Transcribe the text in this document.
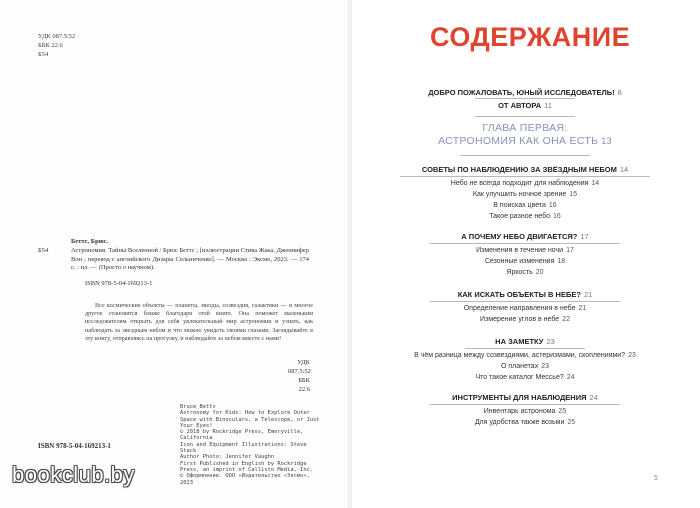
УДК 087.5:52
ББК 22.6
Б54
Беттс, Брюс.
Б54	Астрономия. Тайны Вселенной / Брюс Беттс ; [иллюстрации Стива Жака, Дженнифер Вон ; перевод с английского Дизары Сельниченко]. — Москва : Эксмо, 2023. — 174 с. : ил. — (Просто о научном).
ISBN 978-5-04-169213-1
Все космические объекты — планеты, звезды, созвездия, галактики — и многое другое становятся ближе благодаря этой книге. Она поможет маленьким исследователям открыть для себя увлекательный мир астрономии и узнать, как наблюдать за звездным небом и что можно увидеть своими глазами. Заглядывайте в эту книгу, отправляясь на прогулку, и наблюдайте за небом вместе с нами!
УДК 087.5:52
ББК 22.6
Bruce Betts
Astronomy for Kids: How to Explore Outer Space with Binoculars, a Telescope, or Just Your Eyes!
© 2018 by Rockridge Press, Emeryville, California
Icon and Equipment Illustrations: Steve Stack
Author Photo: Jennifer Vaughn
First Published in English by Rockridge Press, an imprint of Callisto Media, Inc.
© Оформление. ООО «Издательство «Эксмо», 2023
ISBN 978-5-04-169213-1
bookclub.by
СОДЕРЖАНИЕ
ДОБРО ПОЖАЛОВАТЬ, ЮНЫЙ ИССЛЕДОВАТЕЛЬ! 8
ОТ АВТОРА 11
ГЛАВА ПЕРВАЯ:
АСТРОНОМИЯ КАК ОНА ЕСТЬ 13
СОВЕТЫ ПО НАБЛЮДЕНИЮ ЗА ЗВЁЗДНЫМ НЕБОМ 14
Небо не всегда подходит для наблюдения 14
Как улучшить ночное зрение 15
В поисках цвета 16
Такое разное небо 16
А ПОЧЕМУ НЕБО ДВИГАЕТСЯ? 17
Изменения в течение ночи 17
Сезонные изменения 18
Яркость 20
КАК ИСКАТЬ ОБЪЕКТЫ В НЕБЕ? 21
Определение направления в небе 21
Измерение углов в небе 22
НА ЗАМЕТКУ 23
В чём разница между созвездиями, астеризмами, скоплениями? 23
О планетах 23
Что такое каталог Мессье? 24
ИНСТРУМЕНТЫ ДЛЯ НАБЛЮДЕНИЯ 24
Инвентарь астронома 25
Для удобства также возьми 25
5
